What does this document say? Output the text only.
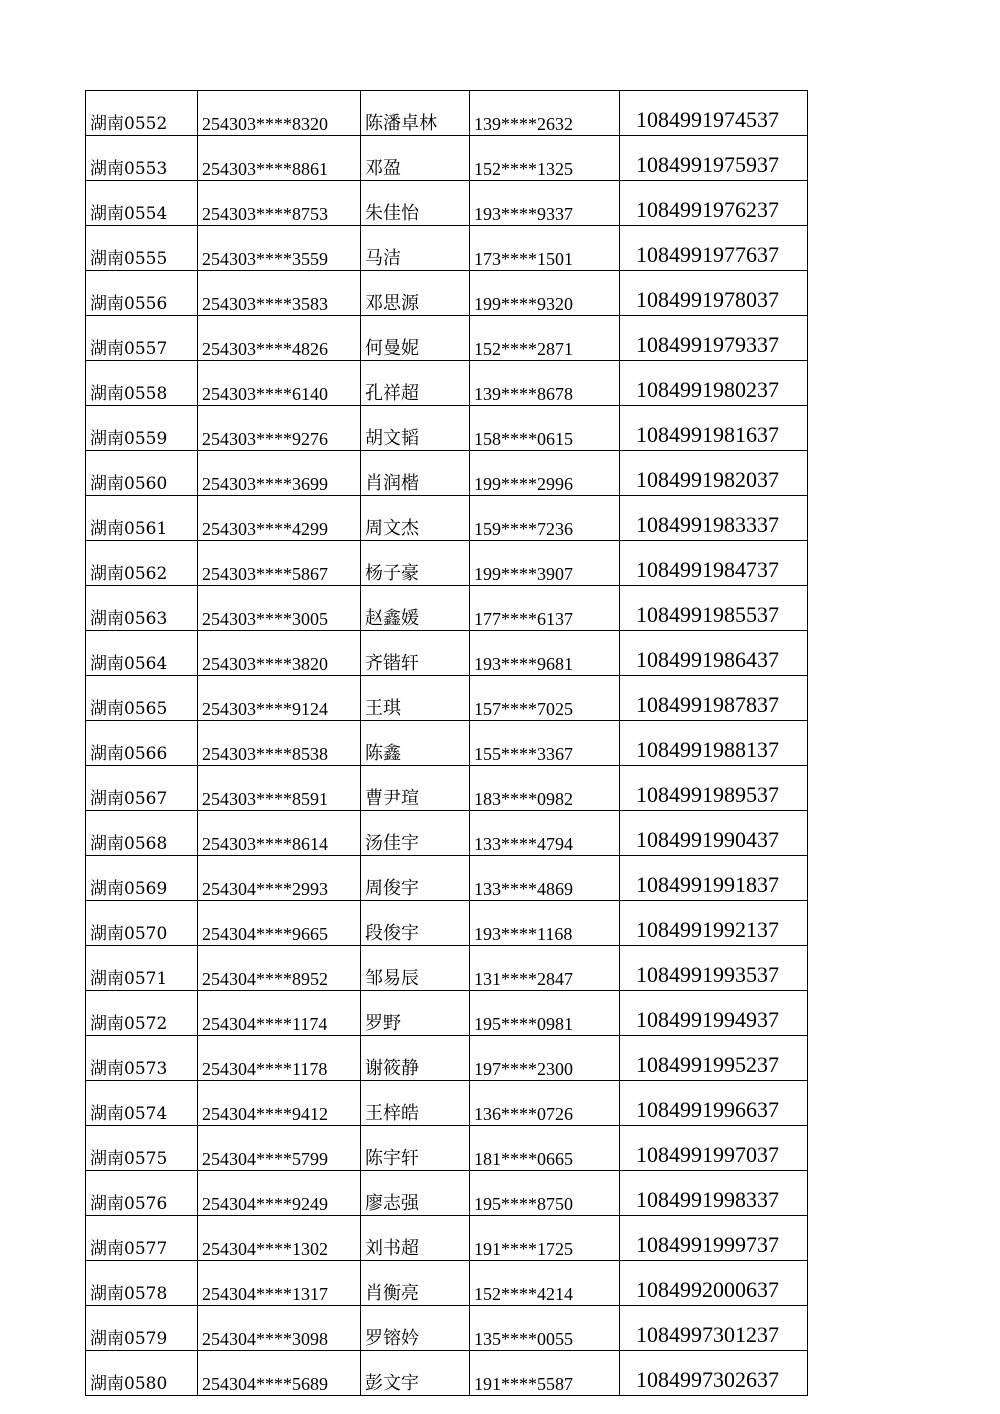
湖南0552	254303****8320	陈潘卓林	139****2632	1084991974537
湖南0553	254303****8861	邓盈	152****1325	1084991975937
湖南0554	254303****8753	朱佳怡	193****9337	1084991976237
湖南0555	254303****3559	马洁	173****1501	1084991977637
湖南0556	254303****3583	邓思源	199****9320	1084991978037
湖南0557	254303****4826	何曼妮	152****2871	1084991979337
湖南0558	254303****6140	孔祥超	139****8678	1084991980237
湖南0559	254303****9276	胡文韬	158****0615	1084991981637
湖南0560	254303****3699	肖润楷	199****2996	1084991982037
湖南0561	254303****4299	周文杰	159****7236	1084991983337
湖南0562	254303****5867	杨子豪	199****3907	1084991984737
湖南0563	254303****3005	赵鑫媛	177****6137	1084991985537
湖南0564	254303****3820	齐锴轩	193****9681	1084991986437
湖南0565	254303****9124	王琪	157****7025	1084991987837
湖南0566	254303****8538	陈鑫	155****3367	1084991988137
湖南0567	254303****8591	曹尹瑄	183****0982	1084991989537
湖南0568	254303****8614	汤佳宇	133****4794	1084991990437
湖南0569	254304****2993	周俊宇	133****4869	1084991991837
湖南0570	254304****9665	段俊宇	193****1168	1084991992137
湖南0571	254304****8952	邹易辰	131****2847	1084991993537
湖南0572	254304****1174	罗野	195****0981	1084991994937
湖南0573	254304****1178	谢筱静	197****2300	1084991995237
湖南0574	254304****9412	王梓皓	136****0726	1084991996637
湖南0575	254304****5799	陈宇轩	181****0665	1084991997037
湖南0576	254304****9249	廖志强	195****8750	1084991998337
湖南0577	254304****1302	刘书超	191****1725	1084991999737
湖南0578	254304****1317	肖衡亮	152****4214	1084992000637
湖南0579	254304****3098	罗镕妗	135****0055	1084997301237
湖南0580	254304****5689	彭文宇	191****5587	1084997302637
